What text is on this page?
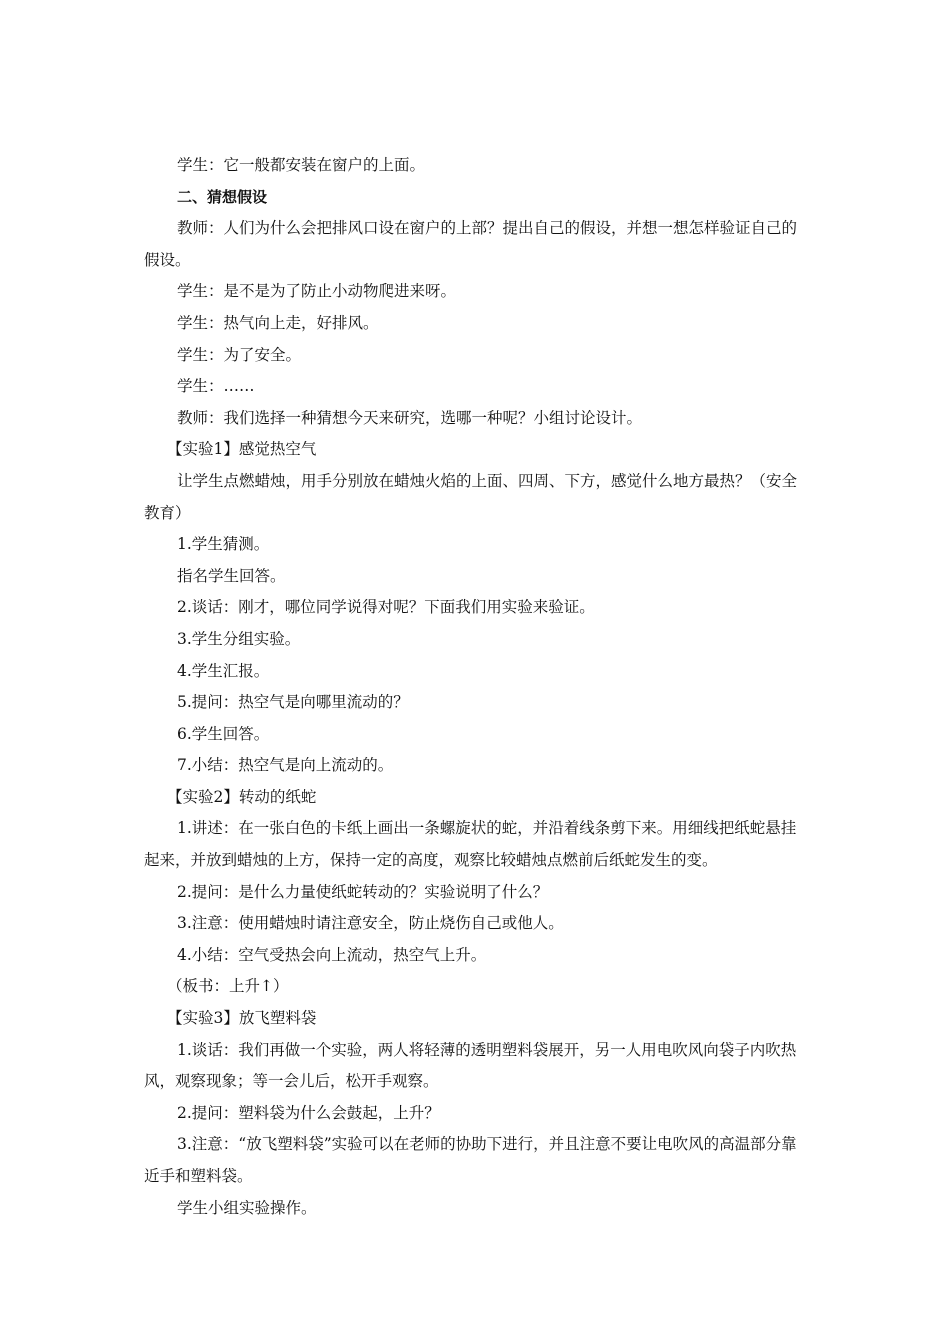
学生：它一般都安装在窗户的上面。

二、猜想假设

教师：人们为什么会把排风口设在窗户的上部？提出自己的假设，并想一想怎样验证自己的假设。

学生：是不是为了防止小动物爬进来呀。

学生：热气向上走，好排风。

学生：为了安全。

学生：……

教师：我们选择一种猜想今天来研究，选哪一种呢？小组讨论设计。

【实验1】感觉热空气

让学生点燃蜡烛，用手分别放在蜡烛火焰的上面、四周、下方，感觉什么地方最热？（安全教育）

1.学生猜测。

指名学生回答。

2.谈话：刚才，哪位同学说得对呢？下面我们用实验来验证。

3.学生分组实验。

4.学生汇报。

5.提问：热空气是向哪里流动的？

6.学生回答。

7.小结：热空气是向上流动的。

【实验2】转动的纸蛇

1.讲述：在一张白色的卡纸上画出一条螺旋状的蛇，并沿着线条剪下来。用细线把纸蛇悬挂起来，并放到蜡烛的上方，保持一定的高度，观察比较蜡烛点燃前后纸蛇发生的变。

2.提问：是什么力量使纸蛇转动的？实验说明了什么？

3.注意：使用蜡烛时请注意安全，防止烧伤自己或他人。

4.小结：空气受热会向上流动，热空气上升。

（板书：上升↑）

【实验3】放飞塑料袋

1.谈话：我们再做一个实验，两人将轻薄的透明塑料袋展开，另一人用电吹风向袋子内吹热风，观察现象；等一会儿后，松开手观察。

2.提问：塑料袋为什么会鼓起，上升？

3.注意：“放飞塑料袋”实验可以在老师的协助下进行，并且注意不要让电吹风的高温部分靠近手和塑料袋。

学生小组实验操作。
